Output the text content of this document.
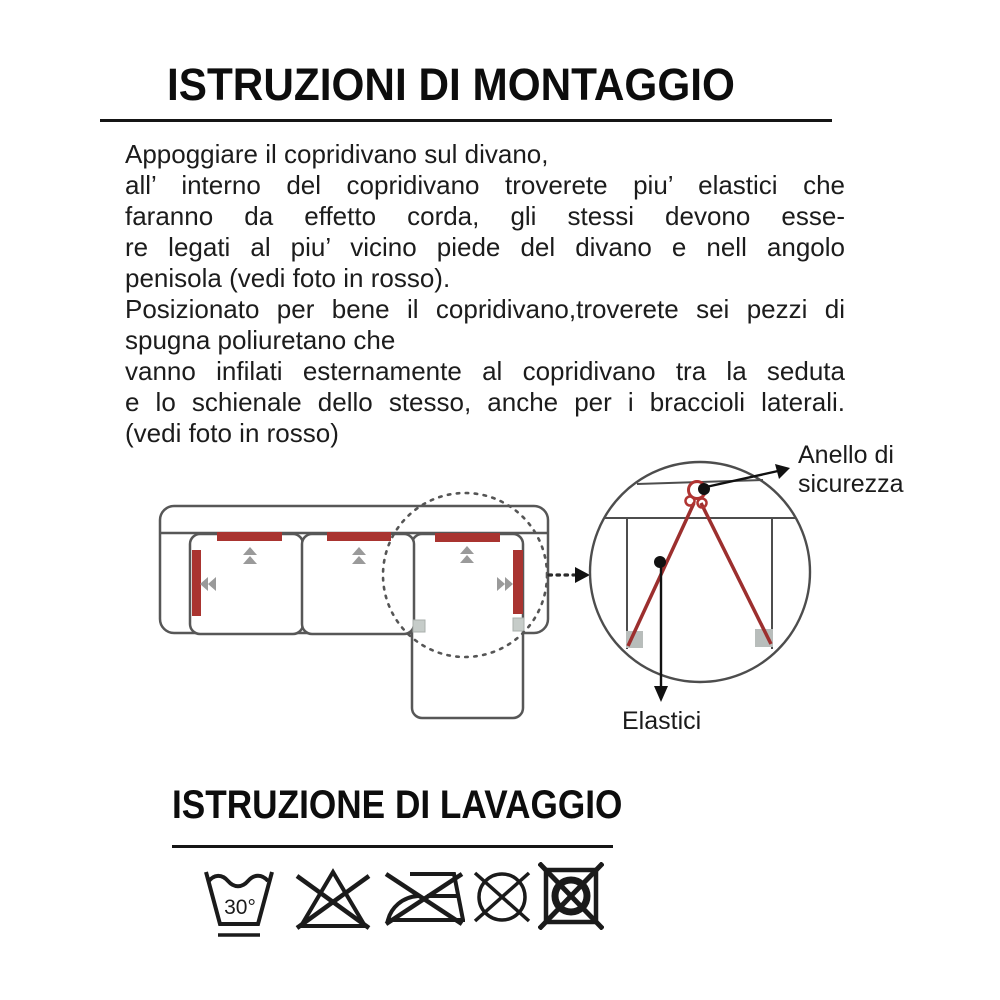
ISTRUZIONI DI MONTAGGIO
Appoggiare il copridivano sul divano,
all’ interno del copridivano troverete piu’ elastici che
faranno da effetto corda, gli stessi devono esse-
re legati al piu’ vicino piede del divano e nell angolo
penisola (vedi foto in rosso).
Posizionato per bene il copridivano,troverete sei pezzi di
spugna poliuretano che
vanno infilati esternamente al copridivano tra la seduta
e lo schienale dello stesso, anche per i braccioli laterali.
(vedi foto in rosso)
Anello di sicurezza
Elastici
ISTRUZIONE DI LAVAGGIO
30°
